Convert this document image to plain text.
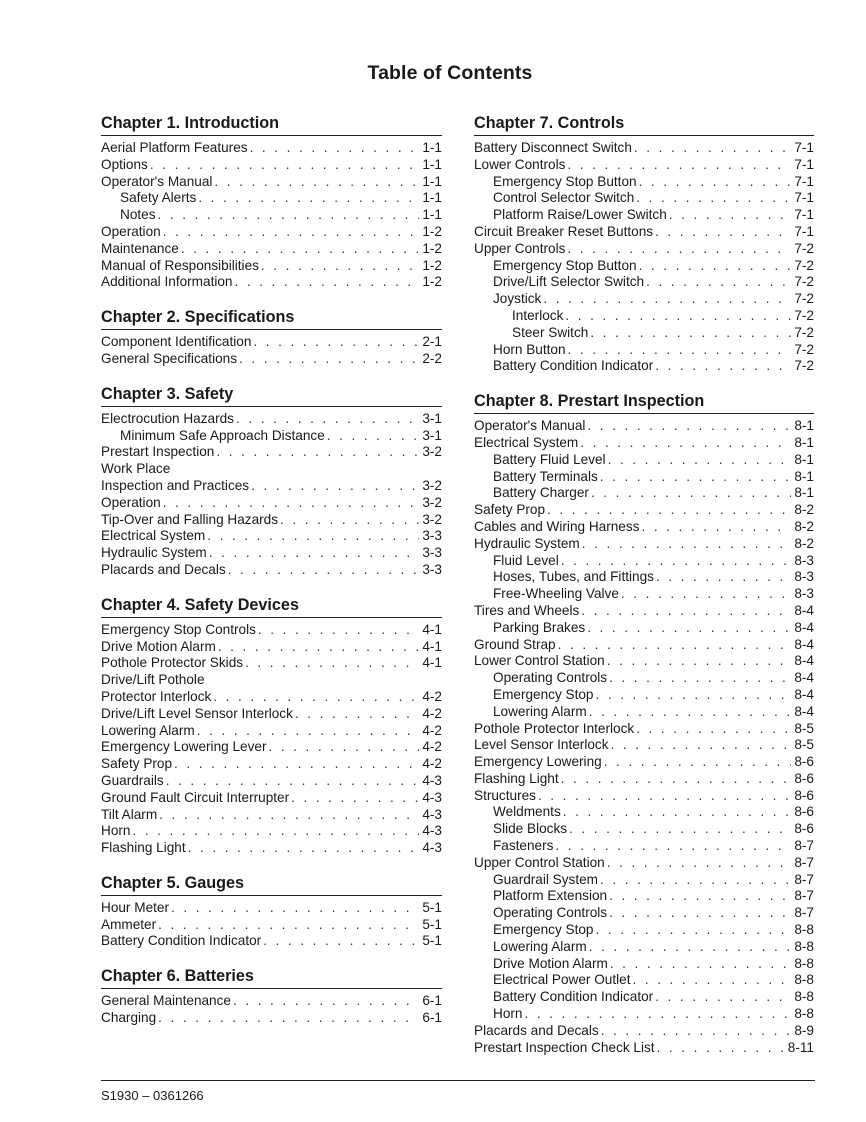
Table of Contents
Chapter 1. Introduction
Aerial Platform Features . . .	1-1
Options . . .	1-1
Operator's Manual . . .	1-1
Safety Alerts . . .	1-1
Notes . . .	1-1
Operation . . .	1-2
Maintenance . . .	1-2
Manual of Responsibilities . . .	1-2
Additional Information . . .	1-2
Chapter 2. Specifications
Component Identification . . .	2-1
General Specifications . . .	2-2
Chapter 3. Safety
Electrocution Hazards . . .	3-1
Minimum Safe Approach Distance . . .	3-1
Prestart Inspection . . .	3-2
Work Place
Inspection and Practices . . .	3-2
Operation . . .	3-2
Tip-Over and Falling Hazards . . .	3-2
Electrical System . . .	3-3
Hydraulic System . . .	3-3
Placards and Decals . . .	3-3
Chapter 4. Safety Devices
Emergency Stop Controls . . .	4-1
Drive Motion Alarm . . .	4-1
Pothole Protector Skids . . .	4-1
Drive/Lift Pothole
Protector Interlock . . .	4-2
Drive/Lift Level Sensor Interlock . . .	4-2
Lowering Alarm . . .	4-2
Emergency Lowering Lever . . .	4-2
Safety Prop . . .	4-2
Guardrails . . .	4-3
Ground Fault Circuit Interrupter . . .	4-3
Tilt Alarm . . .	4-3
Horn . . .	4-3
Flashing Light . . .	4-3
Chapter 5. Gauges
Hour Meter . . .	5-1
Ammeter . . .	5-1
Battery Condition Indicator . . .	5-1
Chapter 6. Batteries
General Maintenance . . .	6-1
Charging . . .	6-1
Chapter 7. Controls
Battery Disconnect Switch . . .	7-1
Lower Controls . . .	7-1
Emergency Stop Button . . .	7-1
Control Selector Switch . . .	7-1
Platform Raise/Lower Switch . . .	7-1
Circuit Breaker Reset Buttons . . .	7-1
Upper Controls . . .	7-2
Emergency Stop Button . . .	7-2
Drive/Lift Selector Switch . . .	7-2
Joystick . . .	7-2
Interlock . . .	7-2
Steer Switch . . .	7-2
Horn Button . . .	7-2
Battery Condition Indicator . . .	7-2
Chapter 8. Prestart Inspection
Operator's Manual . . .	8-1
Electrical System . . .	8-1
Battery Fluid Level . . .	8-1
Battery Terminals . . .	8-1
Battery Charger . . .	8-1
Safety Prop . . .	8-2
Cables and Wiring Harness . . .	8-2
Hydraulic System . . .	8-2
Fluid Level . . .	8-3
Hoses, Tubes, and Fittings . . .	8-3
Free-Wheeling Valve . . .	8-3
Tires and Wheels . . .	8-4
Parking Brakes . . .	8-4
Ground Strap . . .	8-4
Lower Control Station . . .	8-4
Operating Controls . . .	8-4
Emergency Stop . . .	8-4
Lowering Alarm . . .	8-4
Pothole Protector Interlock . . .	8-5
Level Sensor Interlock . . .	8-5
Emergency Lowering . . .	8-6
Flashing Light . . .	8-6
Structures . . .	8-6
Weldments . . .	8-6
Slide Blocks . . .	8-6
Fasteners . . .	8-7
Upper Control Station . . .	8-7
Guardrail System . . .	8-7
Platform Extension . . .	8-7
Operating Controls . . .	8-7
Emergency Stop . . .	8-8
Lowering Alarm . . .	8-8
Drive Motion Alarm . . .	8-8
Electrical Power Outlet . . .	8-8
Battery Condition Indicator . . .	8-8
Horn . . .	8-8
Placards and Decals . . .	8-9
Prestart Inspection Check List . . .	8-11
S1930 – 0361266
